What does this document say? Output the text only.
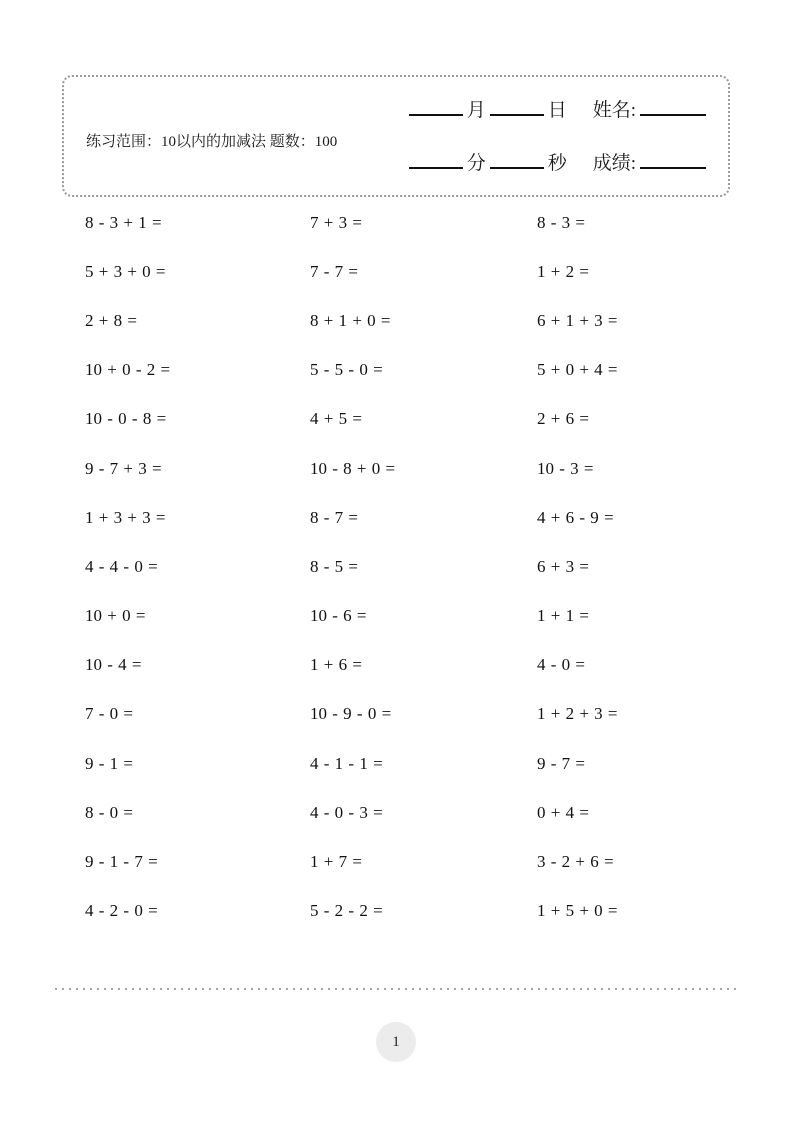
练习范围：10以内的加减法 题数：100
月	日 姓名:
分	秒 成绩:
8 - 3 + 1 =	7 + 3 =	8 - 3 =
5 + 3 + 0 =	7 - 7 =	1 + 2 =
2 + 8 =	8 + 1 + 0 =	6 + 1 + 3 =
10 + 0 - 2 =	5 - 5 - 0 =	5 + 0 + 4 =
10 - 0 - 8 =	4 + 5 =	2 + 6 =
9 - 7 + 3 =	10 - 8 + 0 =	10 - 3 =
1 + 3 + 3 =	8 - 7 =	4 + 6 - 9 =
4 - 4 - 0 =	8 - 5 =	6 + 3 =
10 + 0 =	10 - 6 =	1 + 1 =
10 - 4 =	1 + 6 =	4 - 0 =
7 - 0 =	10 - 9 - 0 =	1 + 2 + 3 =
9 - 1 =	4 - 1 - 1 =	9 - 7 =
8 - 0 =	4 - 0 - 3 =	0 + 4 =
9 - 1 - 7 =	1 + 7 =	3 - 2 + 6 =
4 - 2 - 0 =	5 - 2 - 2 =	1 + 5 + 0 =
1
